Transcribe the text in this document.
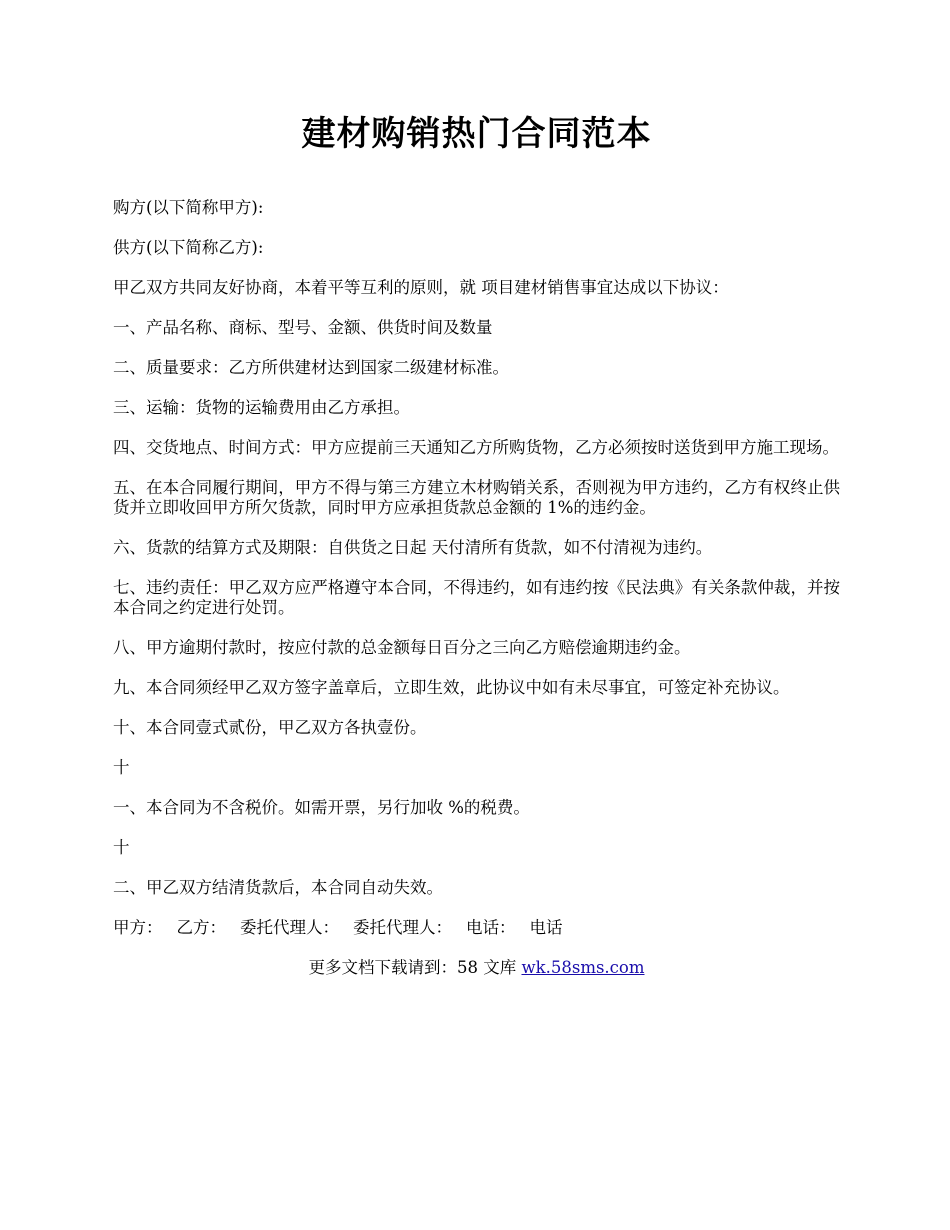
建材购销热门合同范本

购方(以下简称甲方):

供方(以下简称乙方):

甲乙双方共同友好协商，本着平等互利的原则，就 项目建材销售事宜达成以下协议：

一、产品名称、商标、型号、金额、供货时间及数量

二、质量要求：乙方所供建材达到国家二级建材标准。

三、运输：货物的运输费用由乙方承担。

四、交货地点、时间方式：甲方应提前三天通知乙方所购货物，乙方必须按时送货到甲方施工现场。

五、在本合同履行期间，甲方不得与第三方建立木材购销关系，否则视为甲方违约，乙方有权终止供货并立即收回甲方所欠货款，同时甲方应承担货款总金额的 1%的违约金。

六、货款的结算方式及期限：自供货之日起 天付清所有货款，如不付清视为违约。

七、违约责任：甲乙双方应严格遵守本合同，不得违约，如有违约按《民法典》有关条款仲裁，并按本合同之约定进行处罚。

八、甲方逾期付款时，按应付款的总金额每日百分之三向乙方赔偿逾期违约金。

九、本合同须经甲乙双方签字盖章后，立即生效，此协议中如有未尽事宜，可签定补充协议。

十、本合同壹式贰份，甲乙双方各执壹份。

十

一、本合同为不含税价。如需开票，另行加收 %的税费。

十

二、甲乙双方结清货款后，本合同自动失效。

甲方： 乙方： 委托代理人： 委托代理人： 电话： 电话

更多文档下载请到：58 文库 wk.58sms.com
